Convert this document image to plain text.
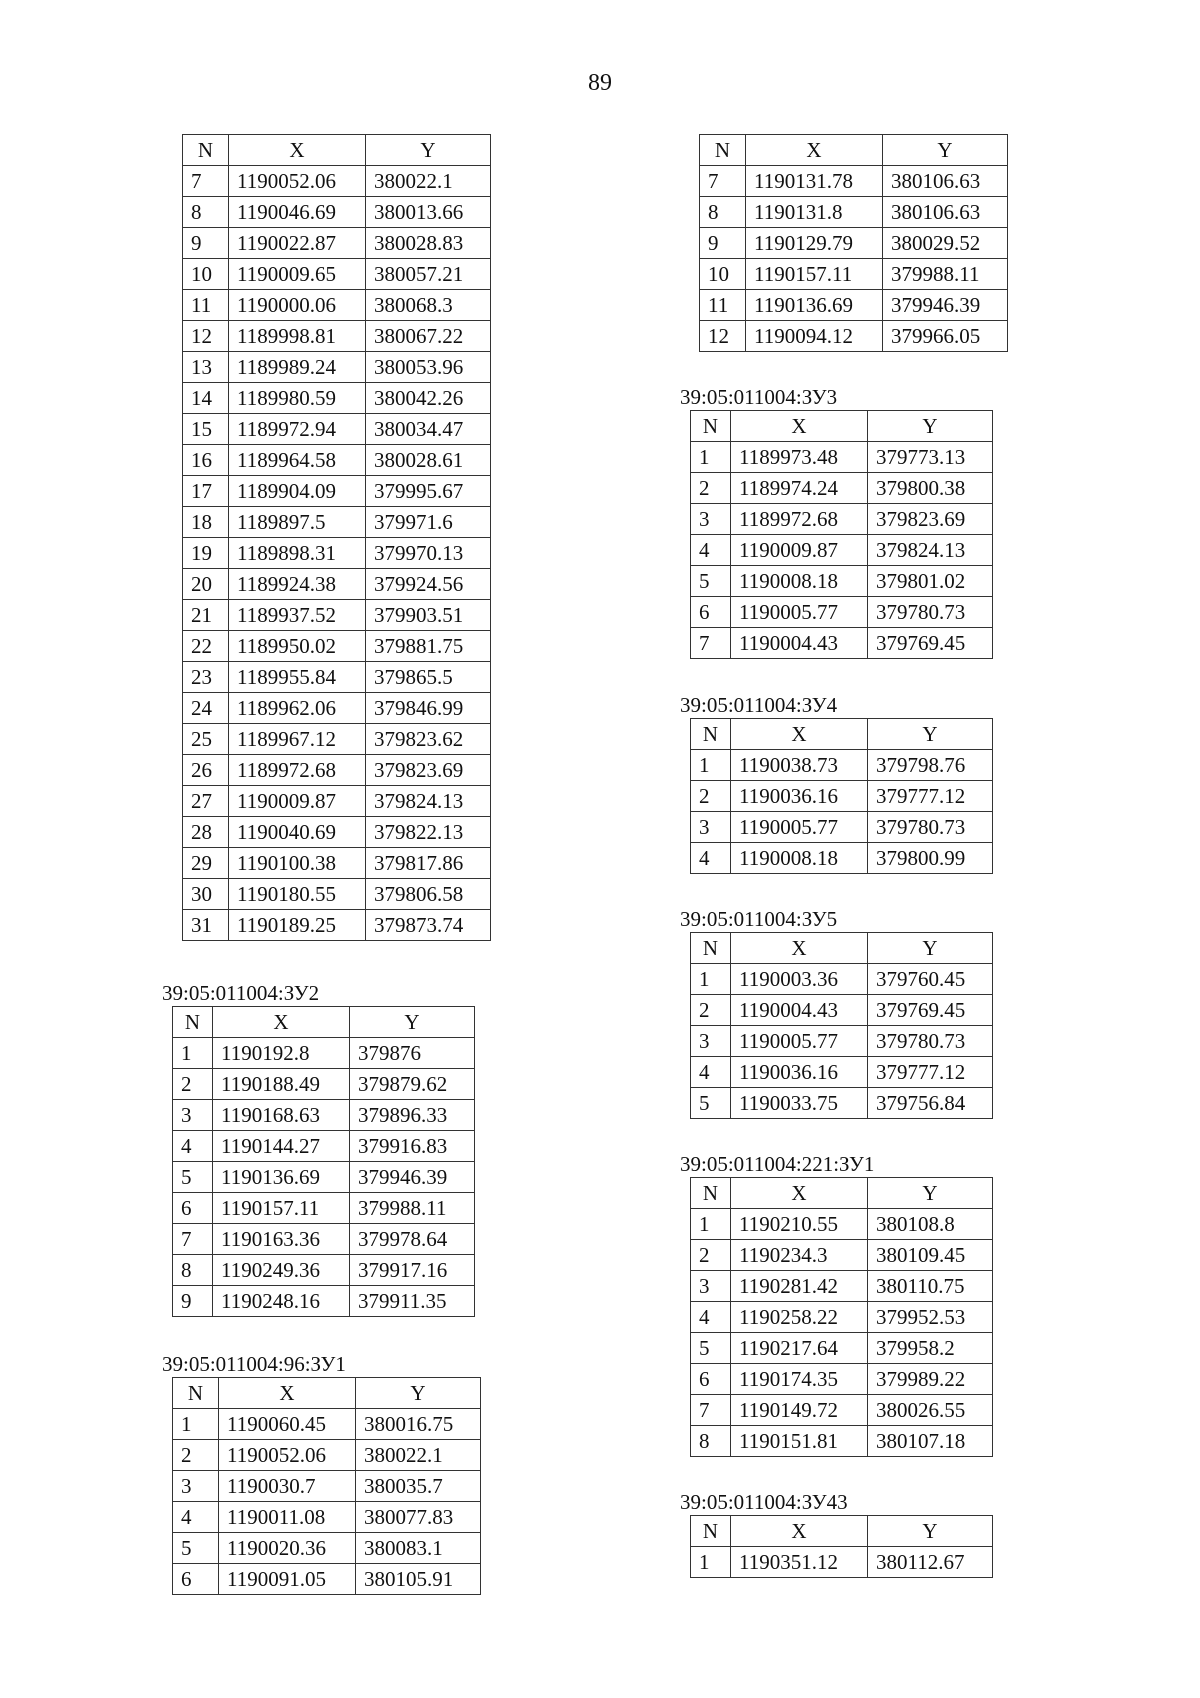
89
N	X	Y
7	1190052.06	380022.1
8	1190046.69	380013.66
9	1190022.87	380028.83
10	1190009.65	380057.21
11	1190000.06	380068.3
12	1189998.81	380067.22
13	1189989.24	380053.96
14	1189980.59	380042.26
15	1189972.94	380034.47
16	1189964.58	380028.61
17	1189904.09	379995.67
18	1189897.5	379971.6
19	1189898.31	379970.13
20	1189924.38	379924.56
21	1189937.52	379903.51
22	1189950.02	379881.75
23	1189955.84	379865.5
24	1189962.06	379846.99
25	1189967.12	379823.62
26	1189972.68	379823.69
27	1190009.87	379824.13
28	1190040.69	379822.13
29	1190100.38	379817.86
30	1190180.55	379806.58
31	1190189.25	379873.74
39:05:011004:ЗУ2
N	X	Y
1	1190192.8	379876
2	1190188.49	379879.62
3	1190168.63	379896.33
4	1190144.27	379916.83
5	1190136.69	379946.39
6	1190157.11	379988.11
7	1190163.36	379978.64
8	1190249.36	379917.16
9	1190248.16	379911.35
39:05:011004:96:ЗУ1
N	X	Y
1	1190060.45	380016.75
2	1190052.06	380022.1
3	1190030.7	380035.7
4	1190011.08	380077.83
5	1190020.36	380083.1
6	1190091.05	380105.91
N	X	Y
7	1190131.78	380106.63
8	1190131.8	380106.63
9	1190129.79	380029.52
10	1190157.11	379988.11
11	1190136.69	379946.39
12	1190094.12	379966.05
39:05:011004:ЗУ3
N	X	Y
1	1189973.48	379773.13
2	1189974.24	379800.38
3	1189972.68	379823.69
4	1190009.87	379824.13
5	1190008.18	379801.02
6	1190005.77	379780.73
7	1190004.43	379769.45
39:05:011004:ЗУ4
N	X	Y
1	1190038.73	379798.76
2	1190036.16	379777.12
3	1190005.77	379780.73
4	1190008.18	379800.99
39:05:011004:ЗУ5
N	X	Y
1	1190003.36	379760.45
2	1190004.43	379769.45
3	1190005.77	379780.73
4	1190036.16	379777.12
5	1190033.75	379756.84
39:05:011004:221:ЗУ1
N	X	Y
1	1190210.55	380108.8
2	1190234.3	380109.45
3	1190281.42	380110.75
4	1190258.22	379952.53
5	1190217.64	379958.2
6	1190174.35	379989.22
7	1190149.72	380026.55
8	1190151.81	380107.18
39:05:011004:ЗУ43
N	X	Y
1	1190351.12	380112.67
